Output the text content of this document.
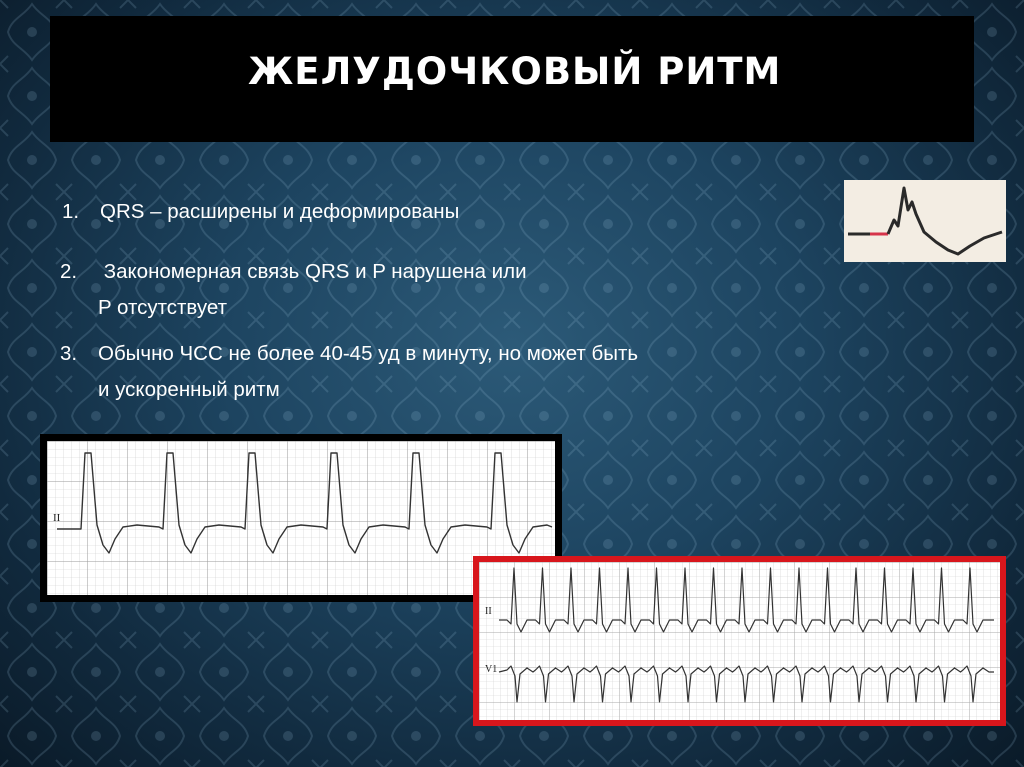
ЖЕЛУДОЧКОВЫЙ РИТМ
1. QRS – расширены и деформированы
2. Закономерная связь QRS и P нарушена или
P отсутствует
3. Обычно ЧСС не более 40-45 уд в минуту, но может быть
и ускоренный ритм
II
II
V1
